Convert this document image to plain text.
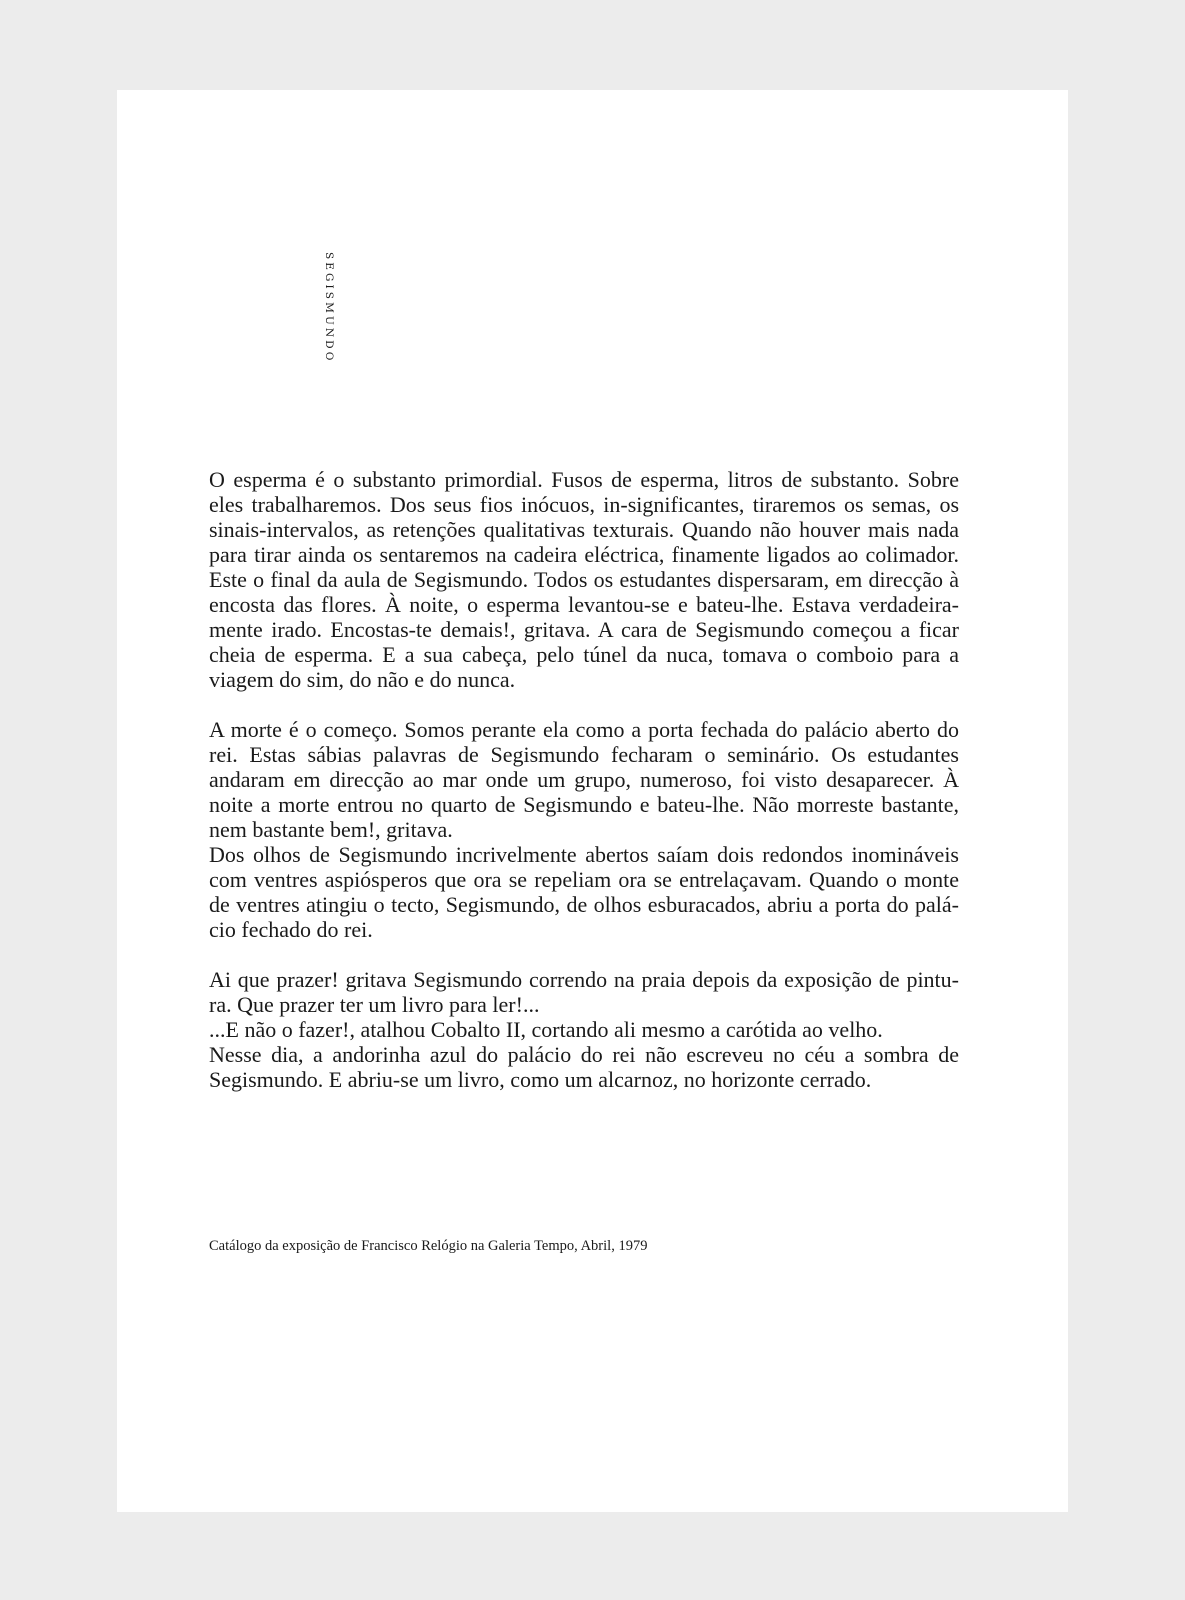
SEGISMUNDO

O esperma é o substanto primordial. Fusos de esperma, litros de substanto. Sobre
eles trabalharemos. Dos seus fios inócuos, in-significantes, tiraremos os semas, os
sinais-intervalos, as retenções qualitativas texturais. Quando não houver mais nada
para tirar ainda os sentaremos na cadeira eléctrica, finamente ligados ao colimador.
Este o final da aula de Segismundo. Todos os estudantes dispersaram, em direcção à
encosta das flores. À noite, o esperma levantou-se e bateu-lhe. Estava verdadeira-
mente irado. Encostas-te demais!, gritava. A cara de Segismundo começou a ficar
cheia de esperma. E a sua cabeça, pelo túnel da nuca, tomava o comboio para a
viagem do sim, do não e do nunca.

A morte é o começo. Somos perante ela como a porta fechada do palácio aberto do
rei. Estas sábias palavras de Segismundo fecharam o seminário. Os estudantes
andaram em direcção ao mar onde um grupo, numeroso, foi visto desaparecer. À
noite a morte entrou no quarto de Segismundo e bateu-lhe. Não morreste bastante,
nem bastante bem!, gritava.
Dos olhos de Segismundo incrivelmente abertos saíam dois redondos inomináveis
com ventres aspiósperos que ora se repeliam ora se entrelaçavam. Quando o monte
de ventres atingiu o tecto, Segismundo, de olhos esburacados, abriu a porta do palá-
cio fechado do rei.

Ai que prazer! gritava Segismundo correndo na praia depois da exposição de pintu-
ra. Que prazer ter um livro para ler!...
...E não o fazer!, atalhou Cobalto II, cortando ali mesmo a carótida ao velho.
Nesse dia, a andorinha azul do palácio do rei não escreveu no céu a sombra de
Segismundo. E abriu-se um livro, como um alcarnoz, no horizonte cerrado.

Catálogo da exposição de Francisco Relógio na Galeria Tempo, Abril, 1979
